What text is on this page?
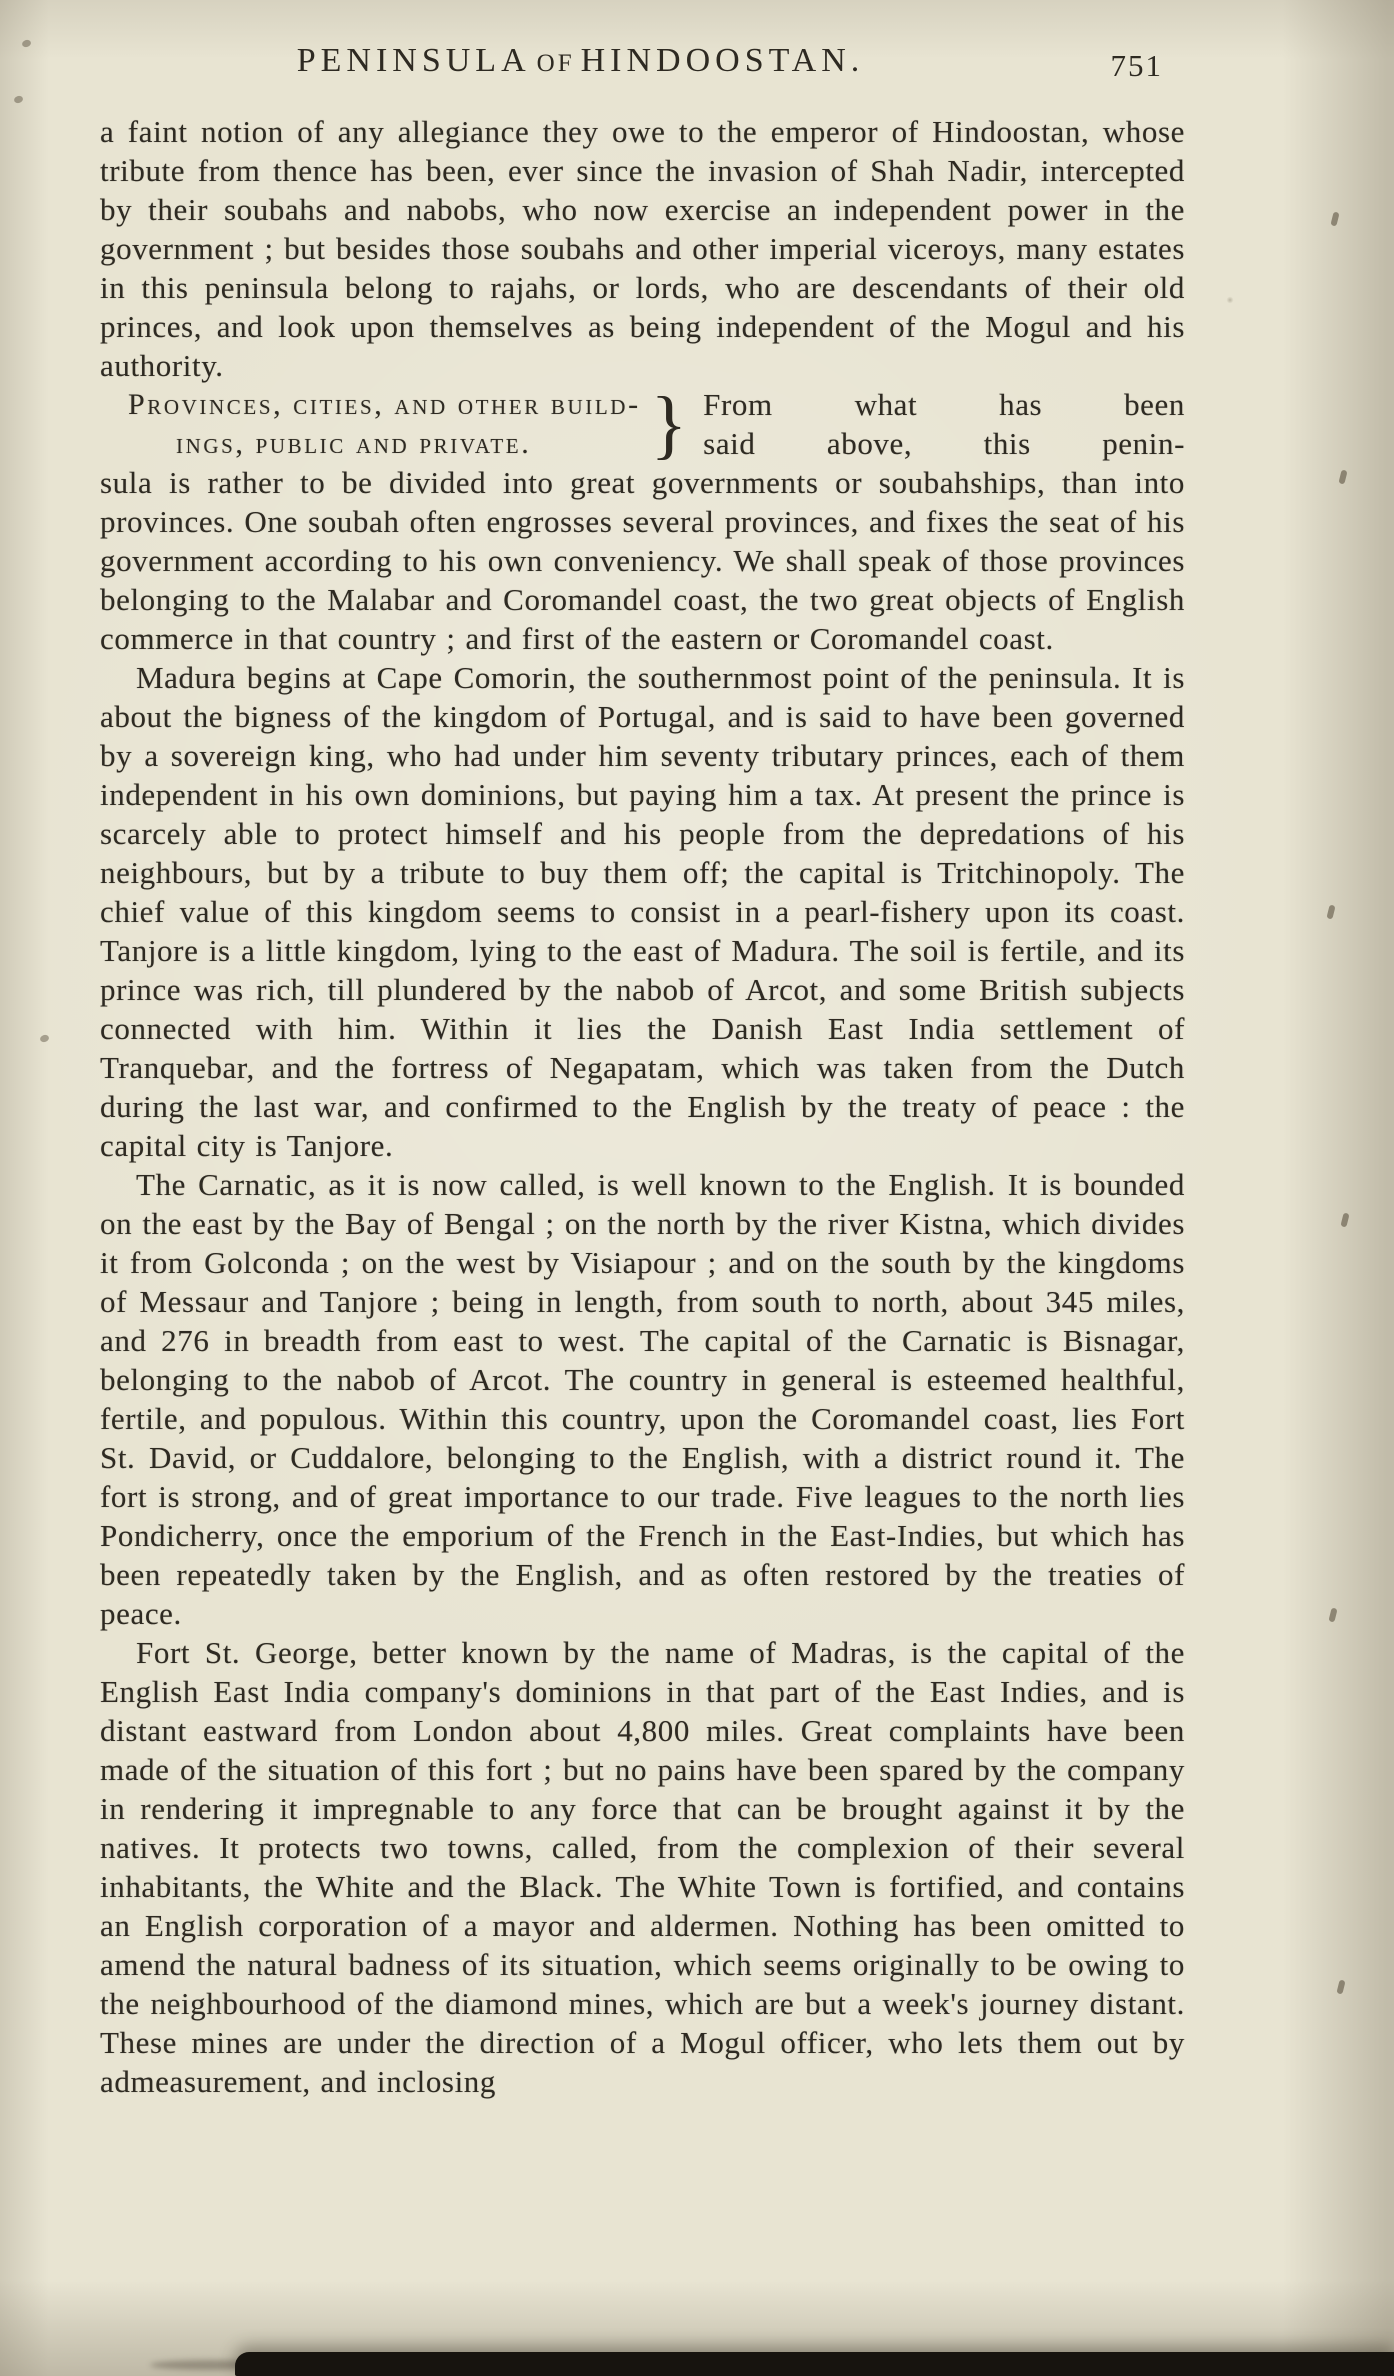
PENINSULA OF HINDOOSTAN.	751

a faint notion of any allegiance they owe to the emperor of Hindoostan, whose tribute from thence has been, ever since the invasion of Shah Nadir, intercepted by their soubahs and nabobs, who now exercise an independent power in the government ; but besides those soubahs and other imperial viceroys, many estates in this peninsula belong to rajahs, or lords, who are descendants of their old princes, and look upon themselves as being independent of the Mogul and his authority.

Provinces, cities, and other build-
ings, public and private.	} From what has been
said above, this penin-

sula is rather to be divided into great governments or soubahships, than into provinces. One soubah often engrosses several provinces, and fixes the seat of his government according to his own conveniency. We shall speak of those provinces belonging to the Malabar and Coromandel coast, the two great objects of English commerce in that country ; and first of the eastern or Coromandel coast.

Madura begins at Cape Comorin, the southernmost point of the peninsula. It is about the bigness of the kingdom of Portugal, and is said to have been governed by a sovereign king, who had under him seventy tributary princes, each of them independent in his own dominions, but paying him a tax. At present the prince is scarcely able to protect himself and his people from the depredations of his neighbours, but by a tribute to buy them off; the capital is Tritchinopoly. The chief value of this kingdom seems to consist in a pearl-fishery upon its coast. Tanjore is a little kingdom, lying to the east of Madura. The soil is fertile, and its prince was rich, till plundered by the nabob of Arcot, and some British subjects connected with him. Within it lies the Danish East India settlement of Tranquebar, and the fortress of Negapatam, which was taken from the Dutch during the last war, and confirmed to the English by the treaty of peace : the capital city is Tanjore.

The Carnatic, as it is now called, is well known to the English. It is bounded on the east by the Bay of Bengal ; on the north by the river Kistna, which divides it from Golconda ; on the west by Visiapour ; and on the south by the kingdoms of Messaur and Tanjore ; being in length, from south to north, about 345 miles, and 276 in breadth from east to west. The capital of the Carnatic is Bisnagar, belonging to the nabob of Arcot. The country in general is esteemed healthful, fertile, and populous. Within this country, upon the Coromandel coast, lies Fort St. David, or Cuddalore, belonging to the English, with a district round it. The fort is strong, and of great importance to our trade. Five leagues to the north lies Pondicherry, once the emporium of the French in the East-Indies, but which has been repeatedly taken by the English, and as often restored by the treaties of peace.

Fort St. George, better known by the name of Madras, is the capital of the English East India company's dominions in that part of the East Indies, and is distant eastward from London about 4,800 miles. Great complaints have been made of the situation of this fort ; but no pains have been spared by the company in rendering it impregnable to any force that can be brought against it by the natives. It protects two towns, called, from the complexion of their several inhabitants, the White and the Black. The White Town is fortified, and contains an English corporation of a mayor and aldermen. Nothing has been omitted to amend the natural badness of its situation, which seems originally to be owing to the neighbourhood of the diamond mines, which are but a week's journey distant. These mines are under the direction of a Mogul officer, who lets them out by admeasurement, and inclosing
